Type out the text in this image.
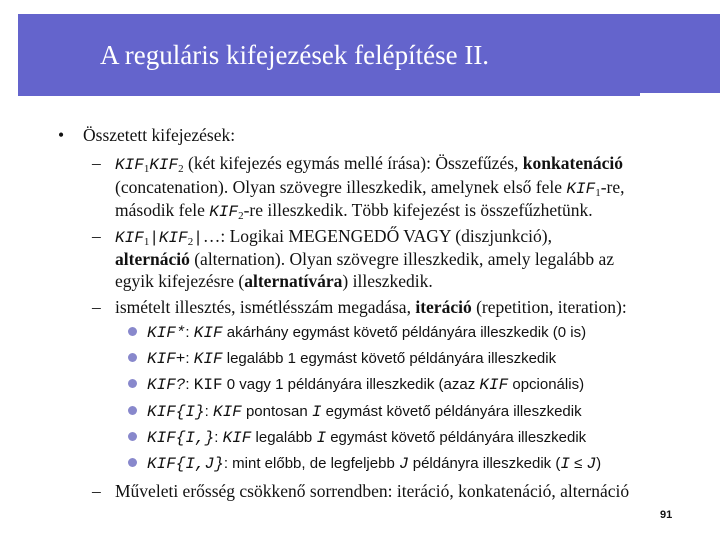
A reguláris kifejezések felépítése II.
• Összetett kifejezések:
– $KIF_1KIF_2$ (két kifejezés egymás mellé írása): Összefűzés, konkatenáció
(concatenation). Olyan szövegre illeszkedik, amelynek első fele $KIF_1-re$,
második fele $KIF_2-re$ illeszkedik. Több kifejezést is összefűzhetünk.
– $KIF_1|KIF_2|\dots$: Logikai MEGENGEDŐ VAGY (diszjunkció),
alternáció (alternation). Olyan szövegre illeszkedik, amely legalább az
egyik kifejezésre (alternatívára) illeszkedik.
– ismételt illesztés, ismétlésszám megadása, iteráció (repetition, iteration):
KIF*: KIF akárhány egymást követő példányára illeszkedik (0 is)
KIF+: KIF legalább 1 egymást követő példányára illeszkedik
KIF?: KIF 0 vagy 1 példányára illeszkedik (azaz KIF opcionális)
KIF{I}: KIF pontosan I egymást követő példányára illeszkedik
KIF{I,}: KIF legalább I egymást követő példányára illeszkedik
KIF{I,J}: mint előbb, de legfeljebb J példányra illeszkedik (I ≤ J)
– Műveleti erősség csökkenő sorrendben: iteráció, konkatenáció, alternáció
91
